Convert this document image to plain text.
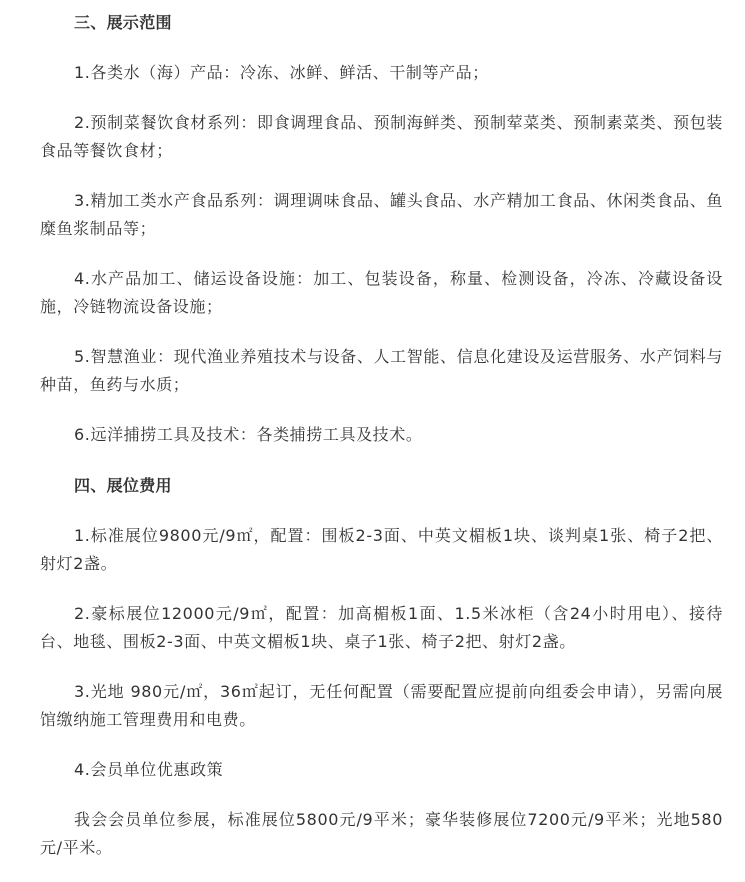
三、展示范围

1.各类水（海）产品：冷冻、冰鲜、鲜活、干制等产品；

2.预制菜餐饮食材系列：即食调理食品、预制海鲜类、预制荤菜类、预制素菜类、预包装食品等餐饮食材；

3.精加工类水产食品系列：调理调味食品、罐头食品、水产精加工食品、休闲类食品、鱼糜鱼浆制品等；

4.水产品加工、储运设备设施：加工、包装设备，称量、检测设备，冷冻、冷藏设备设施，冷链物流设备设施；

5.智慧渔业：现代渔业养殖技术与设备、人工智能、信息化建设及运营服务、水产饲料与种苗，鱼药与水质；

6.远洋捕捞工具及技术：各类捕捞工具及技术。

四、展位费用

1.标准展位9800元/9㎡，配置：围板2-3面、中英文楣板1块、谈判桌1张、椅子2把、射灯2盏。

2.豪标展位12000元/9㎡，配置：加高楣板1面、1.5米冰柜（含24小时用电）、接待台、地毯、围板2-3面、中英文楣板1块、桌子1张、椅子2把、射灯2盏。

3.光地 980元/㎡，36㎡起订，无任何配置（需要配置应提前向组委会申请），另需向展馆缴纳施工管理费用和电费。

4.会员单位优惠政策

我会会员单位参展，标准展位5800元/9平米；豪华装修展位7200元/9平米；光地580元/平米。
